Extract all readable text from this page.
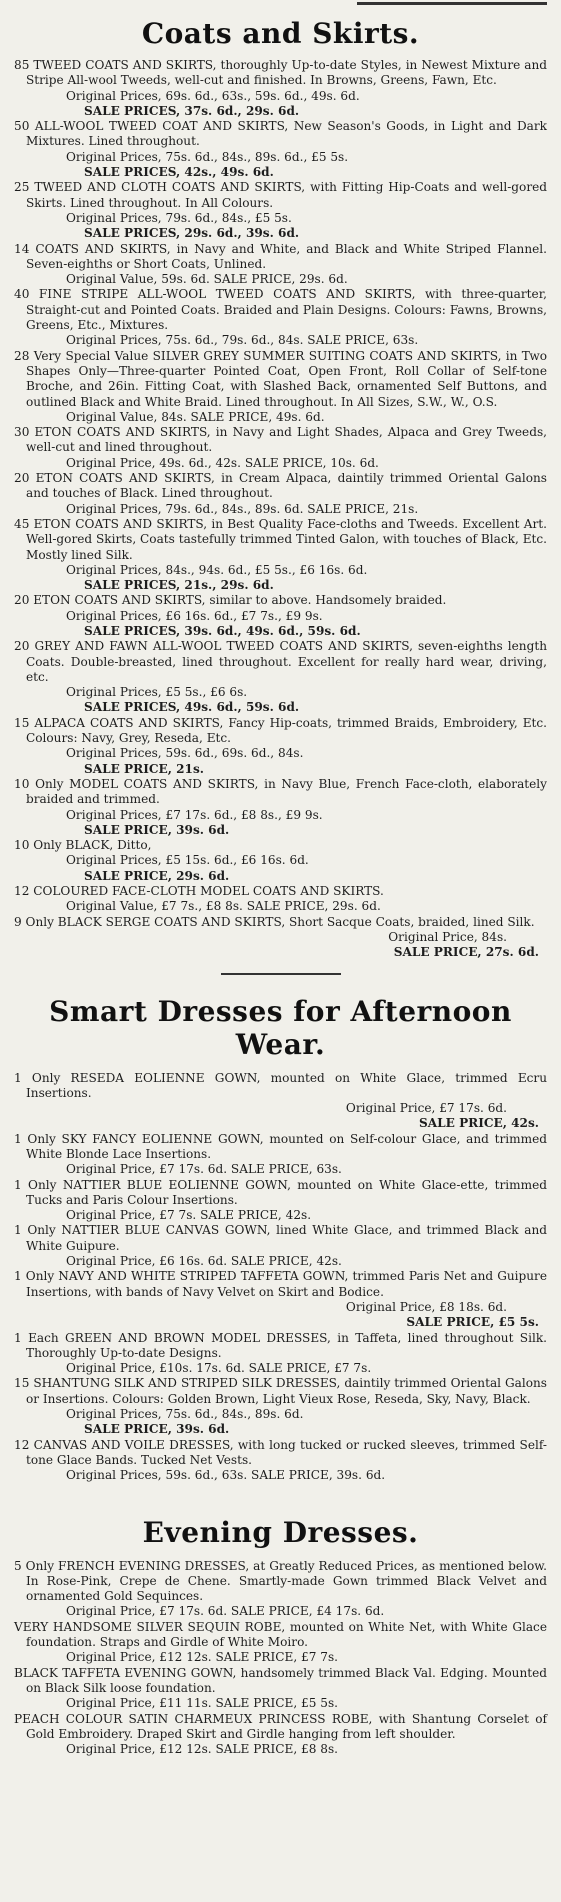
Coats and Skirts.

85 TWEED COATS AND SKIRTS, thoroughly Up-to-date Styles, in Newest Mixture and Stripe All-wool Tweeds, well-cut and finished. In Browns, Greens, Fawn, Etc.
Original Prices, 69s. 6d., 63s., 59s. 6d., 49s. 6d.
SALE PRICES, 37s. 6d., 29s. 6d.

50 ALL-WOOL TWEED COAT AND SKIRTS, New Season's Goods, in Light and Dark Mixtures. Lined throughout.
Original Prices, 75s. 6d., 84s., 89s. 6d., £5 5s.
SALE PRICES, 42s., 49s. 6d.

25 TWEED AND CLOTH COATS AND SKIRTS, with Fitting Hip-Coats and well-gored Skirts. Lined throughout. In All Colours.
Original Prices, 79s. 6d., 84s., £5 5s.
SALE PRICES, 29s. 6d., 39s. 6d.

14 COATS AND SKIRTS, in Navy and White, and Black and White Striped Flannel. Seven-eighths or Short Coats, Unlined.
Original Value, 59s. 6d. SALE PRICE, 29s. 6d.

40 FINE STRIPE ALL-WOOL TWEED COATS AND SKIRTS, with three-quarter, Straight-cut and Pointed Coats. Braided and Plain Designs. Colours: Fawns, Browns, Greens, Etc., Mixtures.
Original Prices, 75s. 6d., 79s. 6d., 84s. SALE PRICE, 63s.

28 Very Special Value SILVER GREY SUMMER SUITING COATS AND SKIRTS, in Two Shapes Only—Three-quarter Pointed Coat, Open Front, Roll Collar of Self-tone Broche, and 26in. Fitting Coat, with Slashed Back, ornamented Self Buttons, and outlined Black and White Braid. Lined throughout. In All Sizes, S.W., W., O.S.
Original Value, 84s. SALE PRICE, 49s. 6d.

30 ETON COATS AND SKIRTS, in Navy and Light Shades, Alpaca and Grey Tweeds, well-cut and lined throughout.
Original Price, 49s. 6d., 42s. SALE PRICE, 10s. 6d.

20 ETON COATS AND SKIRTS, in Cream Alpaca, daintily trimmed Oriental Galons and touches of Black. Lined throughout.
Original Prices, 79s. 6d., 84s., 89s. 6d. SALE PRICE, 21s.

45 ETON COATS AND SKIRTS, in Best Quality Face-cloths and Tweeds. Excellent Art. Well-gored Skirts, Coats tastefully trimmed Tinted Galon, with touches of Black, Etc. Mostly lined Silk.
Original Prices, 84s., 94s. 6d., £5 5s., £6 16s. 6d.
SALE PRICES, 21s., 29s. 6d.

20 ETON COATS AND SKIRTS, similar to above. Handsomely braided.
Original Prices, £6 16s. 6d., £7 7s., £9 9s.
SALE PRICES, 39s. 6d., 49s. 6d., 59s. 6d.

20 GREY AND FAWN ALL-WOOL TWEED COATS AND SKIRTS, seven-eighths length Coats. Double-breasted, lined throughout. Excellent for really hard wear, driving, etc.
Original Prices, £5 5s., £6 6s.
SALE PRICES, 49s. 6d., 59s. 6d.

15 ALPACA COATS AND SKIRTS, Fancy Hip-coats, trimmed Braids, Embroidery, Etc. Colours: Navy, Grey, Reseda, Etc.
Original Prices, 59s. 6d., 69s. 6d., 84s.
SALE PRICE, 21s.

10 Only MODEL COATS AND SKIRTS, in Navy Blue, French Face-cloth, elaborately braided and trimmed.
Original Prices, £7 17s. 6d., £8 8s., £9 9s.
SALE PRICE, 39s. 6d.

10 Only BLACK, Ditto,
Original Prices, £5 15s. 6d., £6 16s. 6d.
SALE PRICE, 29s. 6d.

12 COLOURED FACE-CLOTH MODEL COATS AND SKIRTS.
Original Value, £7 7s., £8 8s. SALE PRICE, 29s. 6d.

9 Only BLACK SERGE COATS AND SKIRTS, Short Sacque Coats, braided, lined Silk.
Original Price, 84s.
SALE PRICE, 27s. 6d.

Smart Dresses for Afternoon Wear.

1 Only RESEDA EOLIENNE GOWN, mounted on White Glace, trimmed Ecru Insertions.
Original Price, £7 17s. 6d.
SALE PRICE, 42s.

1 Only SKY FANCY EOLIENNE GOWN, mounted on Self-colour Glace, and trimmed White Blonde Lace Insertions.
Original Price, £7 17s. 6d. SALE PRICE, 63s.

1 Only NATTIER BLUE EOLIENNE GOWN, mounted on White Glace-ette, trimmed Tucks and Paris Colour Insertions.
Original Price, £7 7s. SALE PRICE, 42s.

1 Only NATTIER BLUE CANVAS GOWN, lined White Glace, and trimmed Black and White Guipure.
Original Price, £6 16s. 6d. SALE PRICE, 42s.

1 Only NAVY AND WHITE STRIPED TAFFETA GOWN, trimmed Paris Net and Guipure Insertions, with bands of Navy Velvet on Skirt and Bodice.
Original Price, £8 18s. 6d.
SALE PRICE, £5 5s.

1 Each GREEN AND BROWN MODEL DRESSES, in Taffeta, lined throughout Silk. Thoroughly Up-to-date Designs.
Original Price, £10s. 17s. 6d. SALE PRICE, £7 7s.

15 SHANTUNG SILK AND STRIPED SILK DRESSES, daintily trimmed Oriental Galons or Insertions. Colours: Golden Brown, Light Vieux Rose, Reseda, Sky, Navy, Black.
Original Prices, 75s. 6d., 84s., 89s. 6d.
SALE PRICE, 39s. 6d.

12 CANVAS AND VOILE DRESSES, with long tucked or rucked sleeves, trimmed Self-tone Glace Bands. Tucked Net Vests.
Original Prices, 59s. 6d., 63s. SALE PRICE, 39s. 6d.

Evening Dresses.

5 Only FRENCH EVENING DRESSES, at Greatly Reduced Prices, as mentioned below. In Rose-Pink, Crepe de Chene. Smartly-made Gown trimmed Black Velvet and ornamented Gold Sequinces.
Original Price, £7 17s. 6d. SALE PRICE, £4 17s. 6d.

VERY HANDSOME SILVER SEQUIN ROBE, mounted on White Net, with White Glace foundation. Straps and Girdle of White Moiro.
Original Price, £12 12s. SALE PRICE, £7 7s.

BLACK TAFFETA EVENING GOWN, handsomely trimmed Black Val. Edging. Mounted on Black Silk loose foundation.
Original Price, £11 11s. SALE PRICE, £5 5s.

PEACH COLOUR SATIN CHARMEUX PRINCESS ROBE, with Shantung Corselet of Gold Embroidery. Draped Skirt and Girdle hanging from left shoulder.
Original Price, £12 12s. SALE PRICE, £8 8s.
